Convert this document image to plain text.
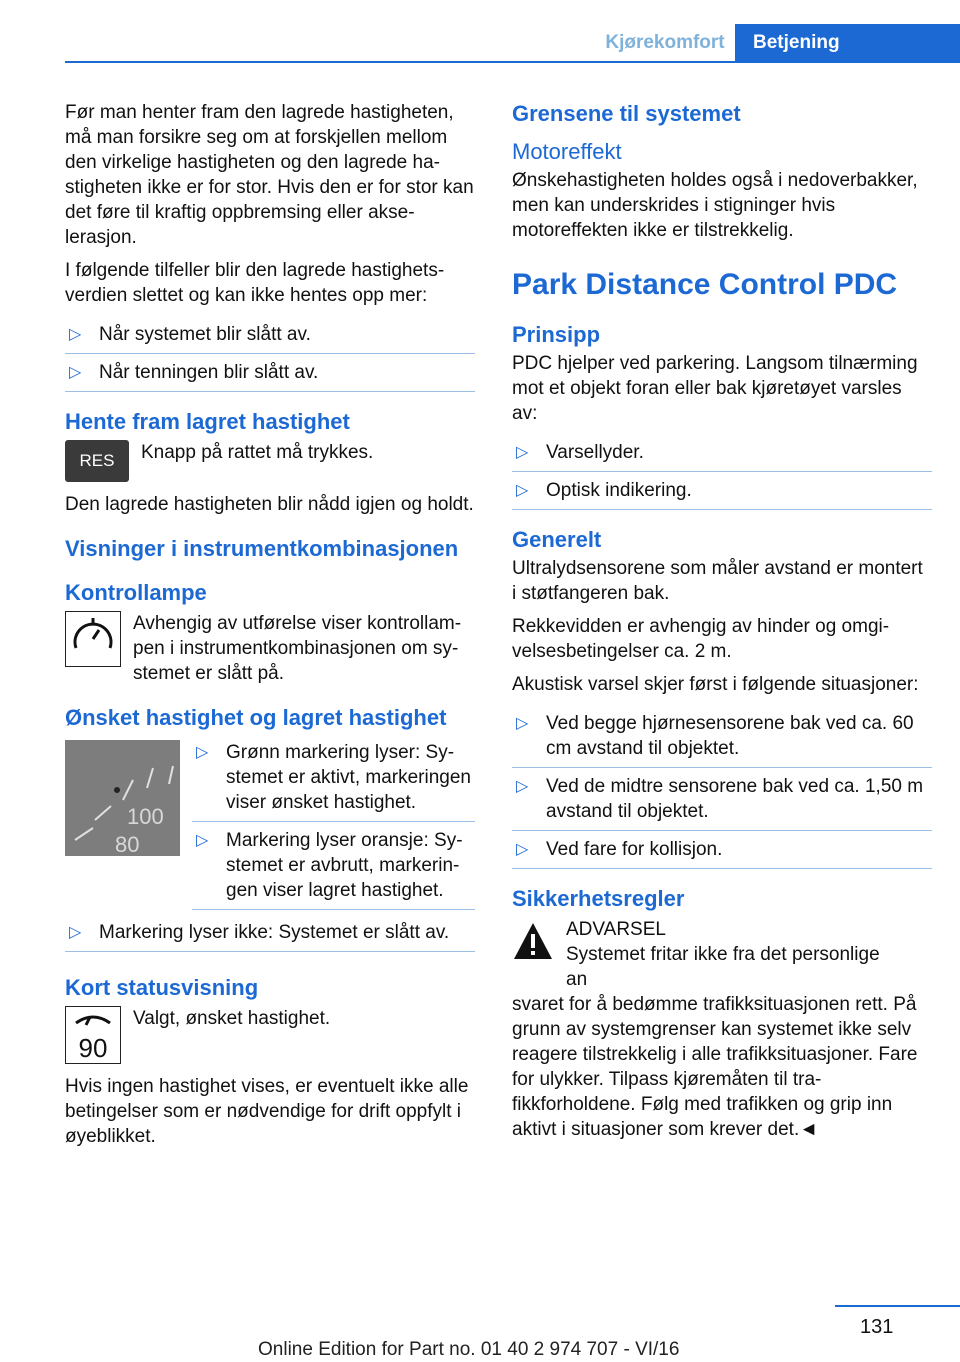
Kjørekomfort	Betjening

Før man henter fram den lagrede hastigheten, må man forsikre seg om at forskjellen mellom den virkelige hastigheten og den lagrede hastigheten ikke er for stor. Hvis den er for stor kan det føre til kraftig oppbremsing eller akselerasjon.

I følgende tilfeller blir den lagrede hastighetsverdien slettet og kan ikke hentes opp mer:

▷ Når systemet blir slått av.
▷ Når tenningen blir slått av.
Hente fram lagret hastighet
RES	Knapp på rattet må trykkes.

Den lagrede hastigheten blir nådd igjen og holdt.

Visninger i instrumentkombinasjonen
Kontrollampe
Avhengig av utførelse viser kontrollampen i instrumentkombinasjonen om systemet er slått på.
Ønsket hastighet og lagret hastighet
100
80
▷ Grønn markering lyser: Systemet er aktivt, markeringen viser ønsket hastighet.
▷ Markering lyser oransje: Systemet er avbrutt, markeringen viser lagret hastighet.
▷ Markering lyser ikke: Systemet er slått av.
Kort statusvisning
90
Valgt, ønsket hastighet.

Hvis ingen hastighet vises, er eventuelt ikke alle betingelser som er nødvendige for drift oppfylt i øyeblikket.

Grensene til systemet
Motoreffekt

Ønskehastigheten holdes også i nedoverbakker, men kan underskrides i stigninger hvis motoreffekten ikke er tilstrekkelig.

Park Distance Control PDC
Prinsipp

PDC hjelper ved parkering. Langsom tilnærming mot et objekt foran eller bak kjøretøyet varsles av:

▷ Varsellyder.
▷ Optisk indikering.
Generelt

Ultralydsensorene som måler avstand er montert i støtfangeren bak.

Rekkevidden er avhengig av hinder og omgivelsesbetingelser ca. 2 m.

Akustisk varsel skjer først i følgende situasjoner:

▷ Ved begge hjørnesensorene bak ved ca. 60 cm avstand til objektet.
▷ Ved de midtre sensorene bak ved ca. 1,50 m avstand til objektet.
▷ Ved fare for kollisjon.
Sikkerhetsregler
ADVARSEL
Systemet fritar ikke fra det personlige an

svaret for å bedømme trafikksituasjonen rett. På grunn av systemgrenser kan systemet ikke selv reagere tilstrekkelig i alle trafikksituasjoner. Fare for ulykker. Tilpass kjøremåten til trafikkforholdene. Følg med trafikken og grip inn aktivt i situasjoner som krever det.◄

131
Online Edition for Part no. 01 40 2 974 707 - VI/16
